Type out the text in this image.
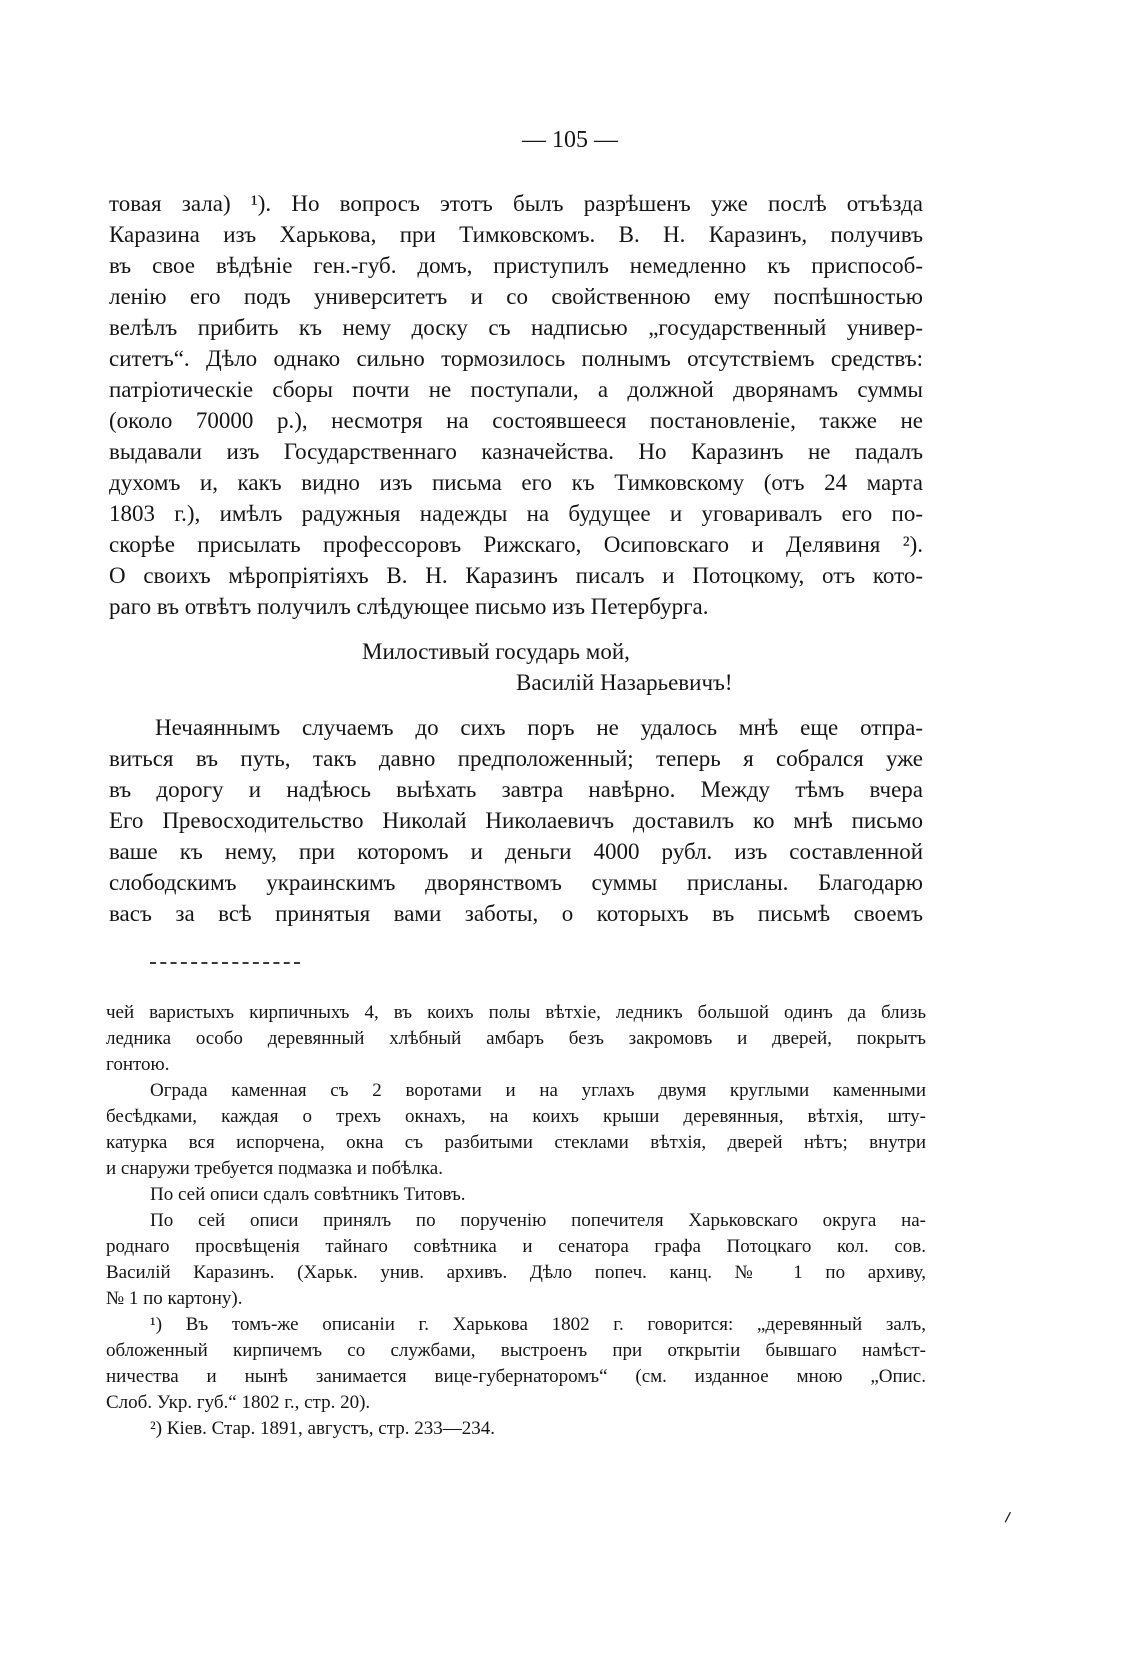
— 105 —
товая зала) ¹). Но вопросъ этотъ былъ разрѣшенъ уже послѣ отъѣзда
Каразина изъ Харькова, при Тимковскомъ. В. Н. Каразинъ, получивъ
въ свое вѣдѣніе ген.-губ. домъ, приступилъ немедленно къ приспособ-
ленію его подъ университетъ и со свойственною ему поспѣшностью
велѣлъ прибить къ нему доску съ надписью „государственный универ-
ситетъ“. Дѣло однако сильно тормозилось полнымъ отсутствіемъ средствъ:
патріотическіе сборы почти не поступали, а должной дворянамъ суммы
(около 70000 р.), несмотря на состоявшееся постановленіе, также не
выдавали изъ Государственнаго казначейства. Но Каразинъ не падалъ
духомъ и, какъ видно изъ письма его къ Тимковскому (отъ 24 марта
1803 г.), имѣлъ радужныя надежды на будущее и уговаривалъ его по-
скорѣе присылать профессоровъ Рижскаго, Осиповскаго и Делявиня ²).
О своихъ мѣропріятіяхъ В. Н. Каразинъ писалъ и Потоцкому, отъ кото-
раго въ отвѣтъ получилъ слѣдующее письмо изъ Петербурга.
Милостивый государь мой,
Василій Назарьевичъ!
Нечаяннымъ случаемъ до сихъ поръ не удалось мнѣ еще отпра-
виться въ путь, такъ давно предположенный; теперь я собрался уже
въ дорогу и надѣюсь выѣхать завтра навѣрно. Между тѣмъ вчера
Его Превосходительство Николай Николаевичъ доставилъ ко мнѣ письмо
ваше къ нему, при которомъ и деньги 4000 рубл. изъ составленной
слободскимъ украинскимъ дворянствомъ суммы присланы. Благодарю
васъ за всѣ принятыя вами заботы, о которыхъ въ письмѣ своемъ
чей варистыхъ кирпичныхъ 4, въ коихъ полы вѣтхіе, ледникъ большой одинъ да близь
ледника особо деревянный хлѣбный амбаръ безъ закромовъ и дверей, покрытъ
гонтою.
Ограда каменная съ 2 воротами и на углахъ двумя круглыми каменными
бесѣдками, каждая о трехъ окнахъ, на коихъ крыши деревянныя, вѣтхія, шту-
катурка вся испорчена, окна съ разбитыми стеклами вѣтхія, дверей нѣтъ; внутри
и снаружи требуется подмазка и побѣлка.
По сей описи сдалъ совѣтникъ Титовъ.
По сей описи принялъ по порученію попечителя Харьковскаго округа на-
роднаго просвѣщенія тайнаго совѣтника и сенатора графа Потоцкаго кол. сов.
Василій Каразинъ. (Харьк. унив. архивъ. Дѣло попеч. канц. № 1 по архиву,
№ 1 по картону).
¹) Въ томъ-же описаніи г. Харькова 1802 г. говорится: „деревянный залъ,
обложенный кирпичемъ со службами, выстроенъ при открытіи бывшаго намѣст-
ничества и нынѣ занимается вице-губернаторомъ“ (см. изданное мною „Опис.
Слоб. Укр. губ.“ 1802 г., стр. 20).
²) Кіев. Стар. 1891, августъ, стр. 233—234.
⸝
